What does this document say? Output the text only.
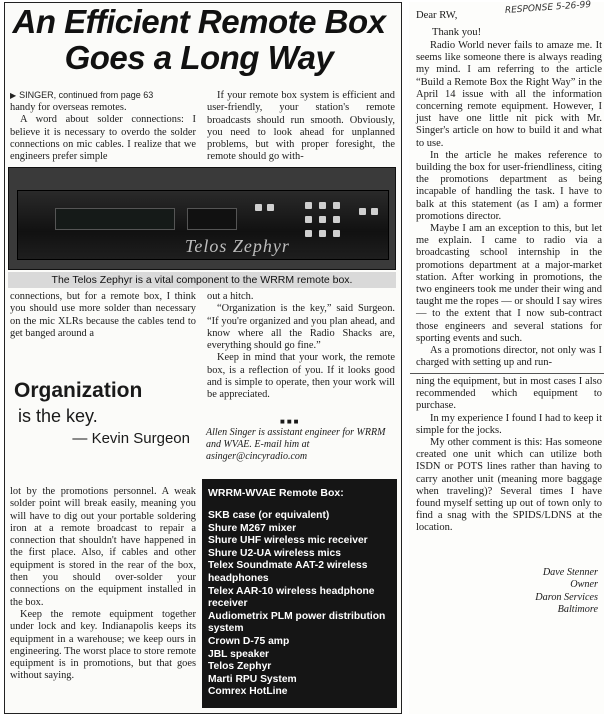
An Efficient Remote Box Goes a Long Way
▶ SINGER, continued from page 63

handy for overseas remotes.

A word about solder connections: I believe it is necessary to overdo the solder connections on mic cables. I realize that we engineers prefer simple

If your remote box system is efficient and user-friendly, your station's remote broadcasts should run smooth. Obviously, you need to look ahead for unplanned problems, but with proper foresight, the remote should go with-

Telos Zephyr
The Telos Zephyr is a vital component to the WRRM remote box.

connections, but for a remote box, I think you should use more solder than necessary on the mic XLRs because the cables tend to get banged around a

out a hitch.

“Organization is the key,” said Surgeon. “If you're organized and you plan ahead, and know where all the Radio Shacks are, everything should go fine.”

Keep in mind that your work, the remote box, is a reflection of you. If it looks good and is simple to operate, then your work will be appreciated.

Organization
is the key.
— Kevin Surgeon
■■■
Allen Singer is assistant engineer for WRRM and WVAE. E-mail him at asinger@cincyradio.com

lot by the promotions personnel. A weak solder point will break easily, meaning you will have to dig out your portable soldering iron at a remote broadcast to repair a connection that shouldn't have happened in the first place. Also, if cables and other equipment is stored in the rear of the box, then you should over-solder your connections on the equipment installed in the box.

Keep the remote equipment together under lock and key. Indianapolis keeps its equipment in a warehouse; we keep ours in engineering. The worst place to store remote equipment is in promotions, but that goes without saying.

WRRM-WVAE Remote Box:
SKB case (or equivalent)
Shure M267 mixer
Shure UHF wireless mic receiver
Shure U2-UA wireless mics
Telex Soundmate AAT-2 wireless headphones
Telex AAR-10 wireless headphone receiver
Audiometrix PLM power distribution system
Crown D-75 amp
JBL speaker
Telos Zephyr
Marti RPU System
Comrex HotLine
Dear RW,	RESPONSE 5-26-99
Thank you!

Radio World never fails to amaze me. It seems like someone there is always reading my mind. I am referring to the article “Build a Remote Box the Right Way” in the April 14 issue with all the information concerning remote equipment. However, I just have one little nit pick with Mr. Singer's article on how to build it and what to use.

In the article he makes reference to building the box for user-friendliness, citing the promotions department as being incapable of handling the task. I have to balk at this statement (as I am) a former promotions director.

Maybe I am an exception to this, but let me explain. I came to radio via a broadcasting school internship in the promotions department at a major-market station. After working in promotions, the two engineers took me under their wing and taught me the ropes — or should I say wires — to the extent that I now sub-contract those engineers and several stations for sporting events and such.

As a promotions director, not only was I charged with setting up and run-

ning the equipment, but in most cases I also recommended which equipment to purchase.

In my experience I found I had to keep it simple for the jocks.

My other comment is this: Has someone created one unit which can utilize both ISDN or POTS lines rather than having to carry another unit (meaning more baggage when traveling)? Several times I have found myself setting up out of town only to find a snag with the SPIDS/LDNS at the location.

Dave Stenner
Owner
Daron Services
Baltimore
